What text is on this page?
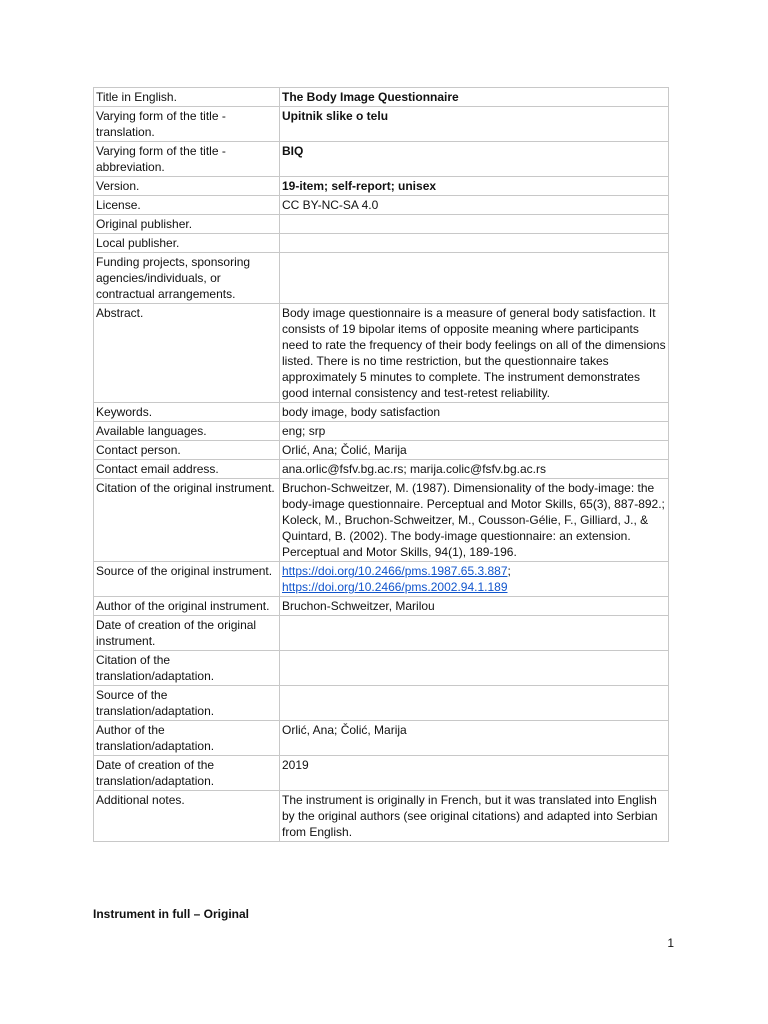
Title in English.	The Body Image Questionnaire
Varying form of the title - translation.	Upitnik slike o telu
Varying form of the title - abbreviation.	BIQ
Version.	19-item; self-report; unisex
License.	CC BY-NC-SA 4.0
Original publisher.	
Local publisher.	
Funding projects, sponsoring agencies/individuals, or contractual arrangements.	
Abstract.	Body image questionnaire is a measure of general body satisfaction. It consists of 19 bipolar items of opposite meaning where participants need to rate the frequency of their body feelings on all of the dimensions listed. There is no time restriction, but the questionnaire takes approximately 5 minutes to complete. The instrument demonstrates good internal consistency and test-retest reliability.
Keywords.	body image, body satisfaction
Available languages.	eng; srp
Contact person.	Orlić, Ana; Čolić, Marija
Contact email address.	ana.orlic@fsfv.bg.ac.rs; marija.colic@fsfv.bg.ac.rs
Citation of the original instrument.	Bruchon-Schweitzer, M. (1987). Dimensionality of the body-image: the body-image questionnaire. Perceptual and Motor Skills, 65(3), 887-892.; Koleck, M., Bruchon-Schweitzer, M., Cousson-Gélie, F., Gilliard, J., & Quintard, B. (2002). The body-image questionnaire: an extension. Perceptual and Motor Skills, 94(1), 189-196.
Source of the original instrument.	https://doi.org/10.2466/pms.1987.65.3.887; https://doi.org/10.2466/pms.2002.94.1.189
Author of the original instrument.	Bruchon-Schweitzer, Marilou
Date of creation of the original instrument.	
Citation of the translation/adaptation.	
Source of the translation/adaptation.	
Author of the translation/adaptation.	Orlić, Ana; Čolić, Marija
Date of creation of the translation/adaptation.	2019
Additional notes.	The instrument is originally in French, but it was translated into English by the original authors (see original citations) and adapted into Serbian from English.
Instrument in full – Original
1
